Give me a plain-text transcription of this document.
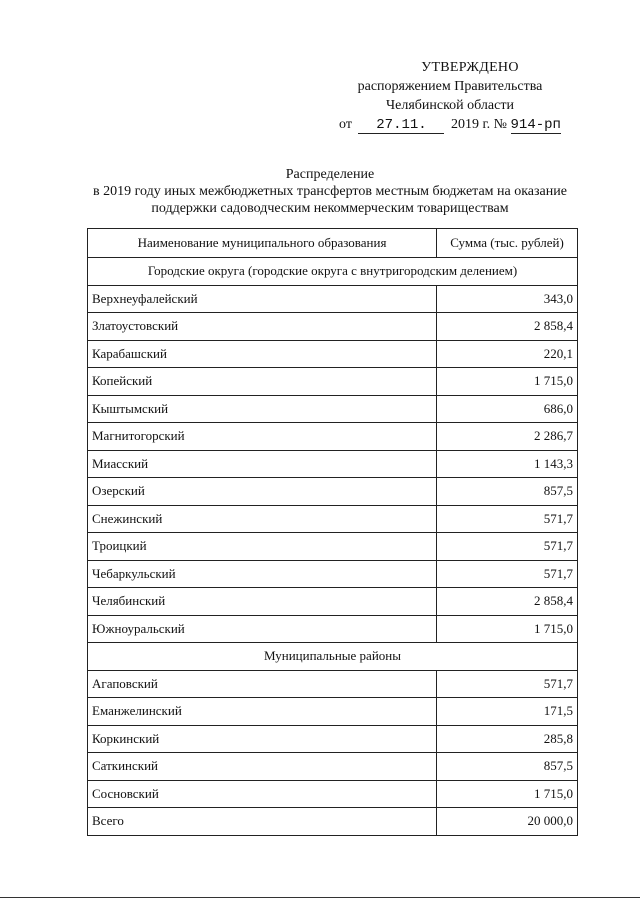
УТВЕРЖДЕНО
распоряжением Правительства
Челябинской области
от 27.11. 2019 г. № 914-рп
Распределение
в 2019 году иных межбюджетных трансфертов местным бюджетам на оказание
поддержки садоводческим некоммерческим товариществам
Наименование муниципального образования	Сумма (тыс. рублей)
Городские округа (городские округа с внутригородским делением)	
Верхнеуфалейский	343,0
Златоустовский	2 858,4
Карабашский	220,1
Копейский	1 715,0
Кыштымский	686,0
Магнитогорский	2 286,7
Миасский	1 143,3
Озерский	857,5
Снежинский	571,7
Троицкий	571,7
Чебаркульский	571,7
Челябинский	2 858,4
Южноуральский	1 715,0
Муниципальные районы	
Агаповский	571,7
Еманжелинский	171,5
Коркинский	285,8
Саткинский	857,5
Сосновский	1 715,0
Всего	20 000,0
